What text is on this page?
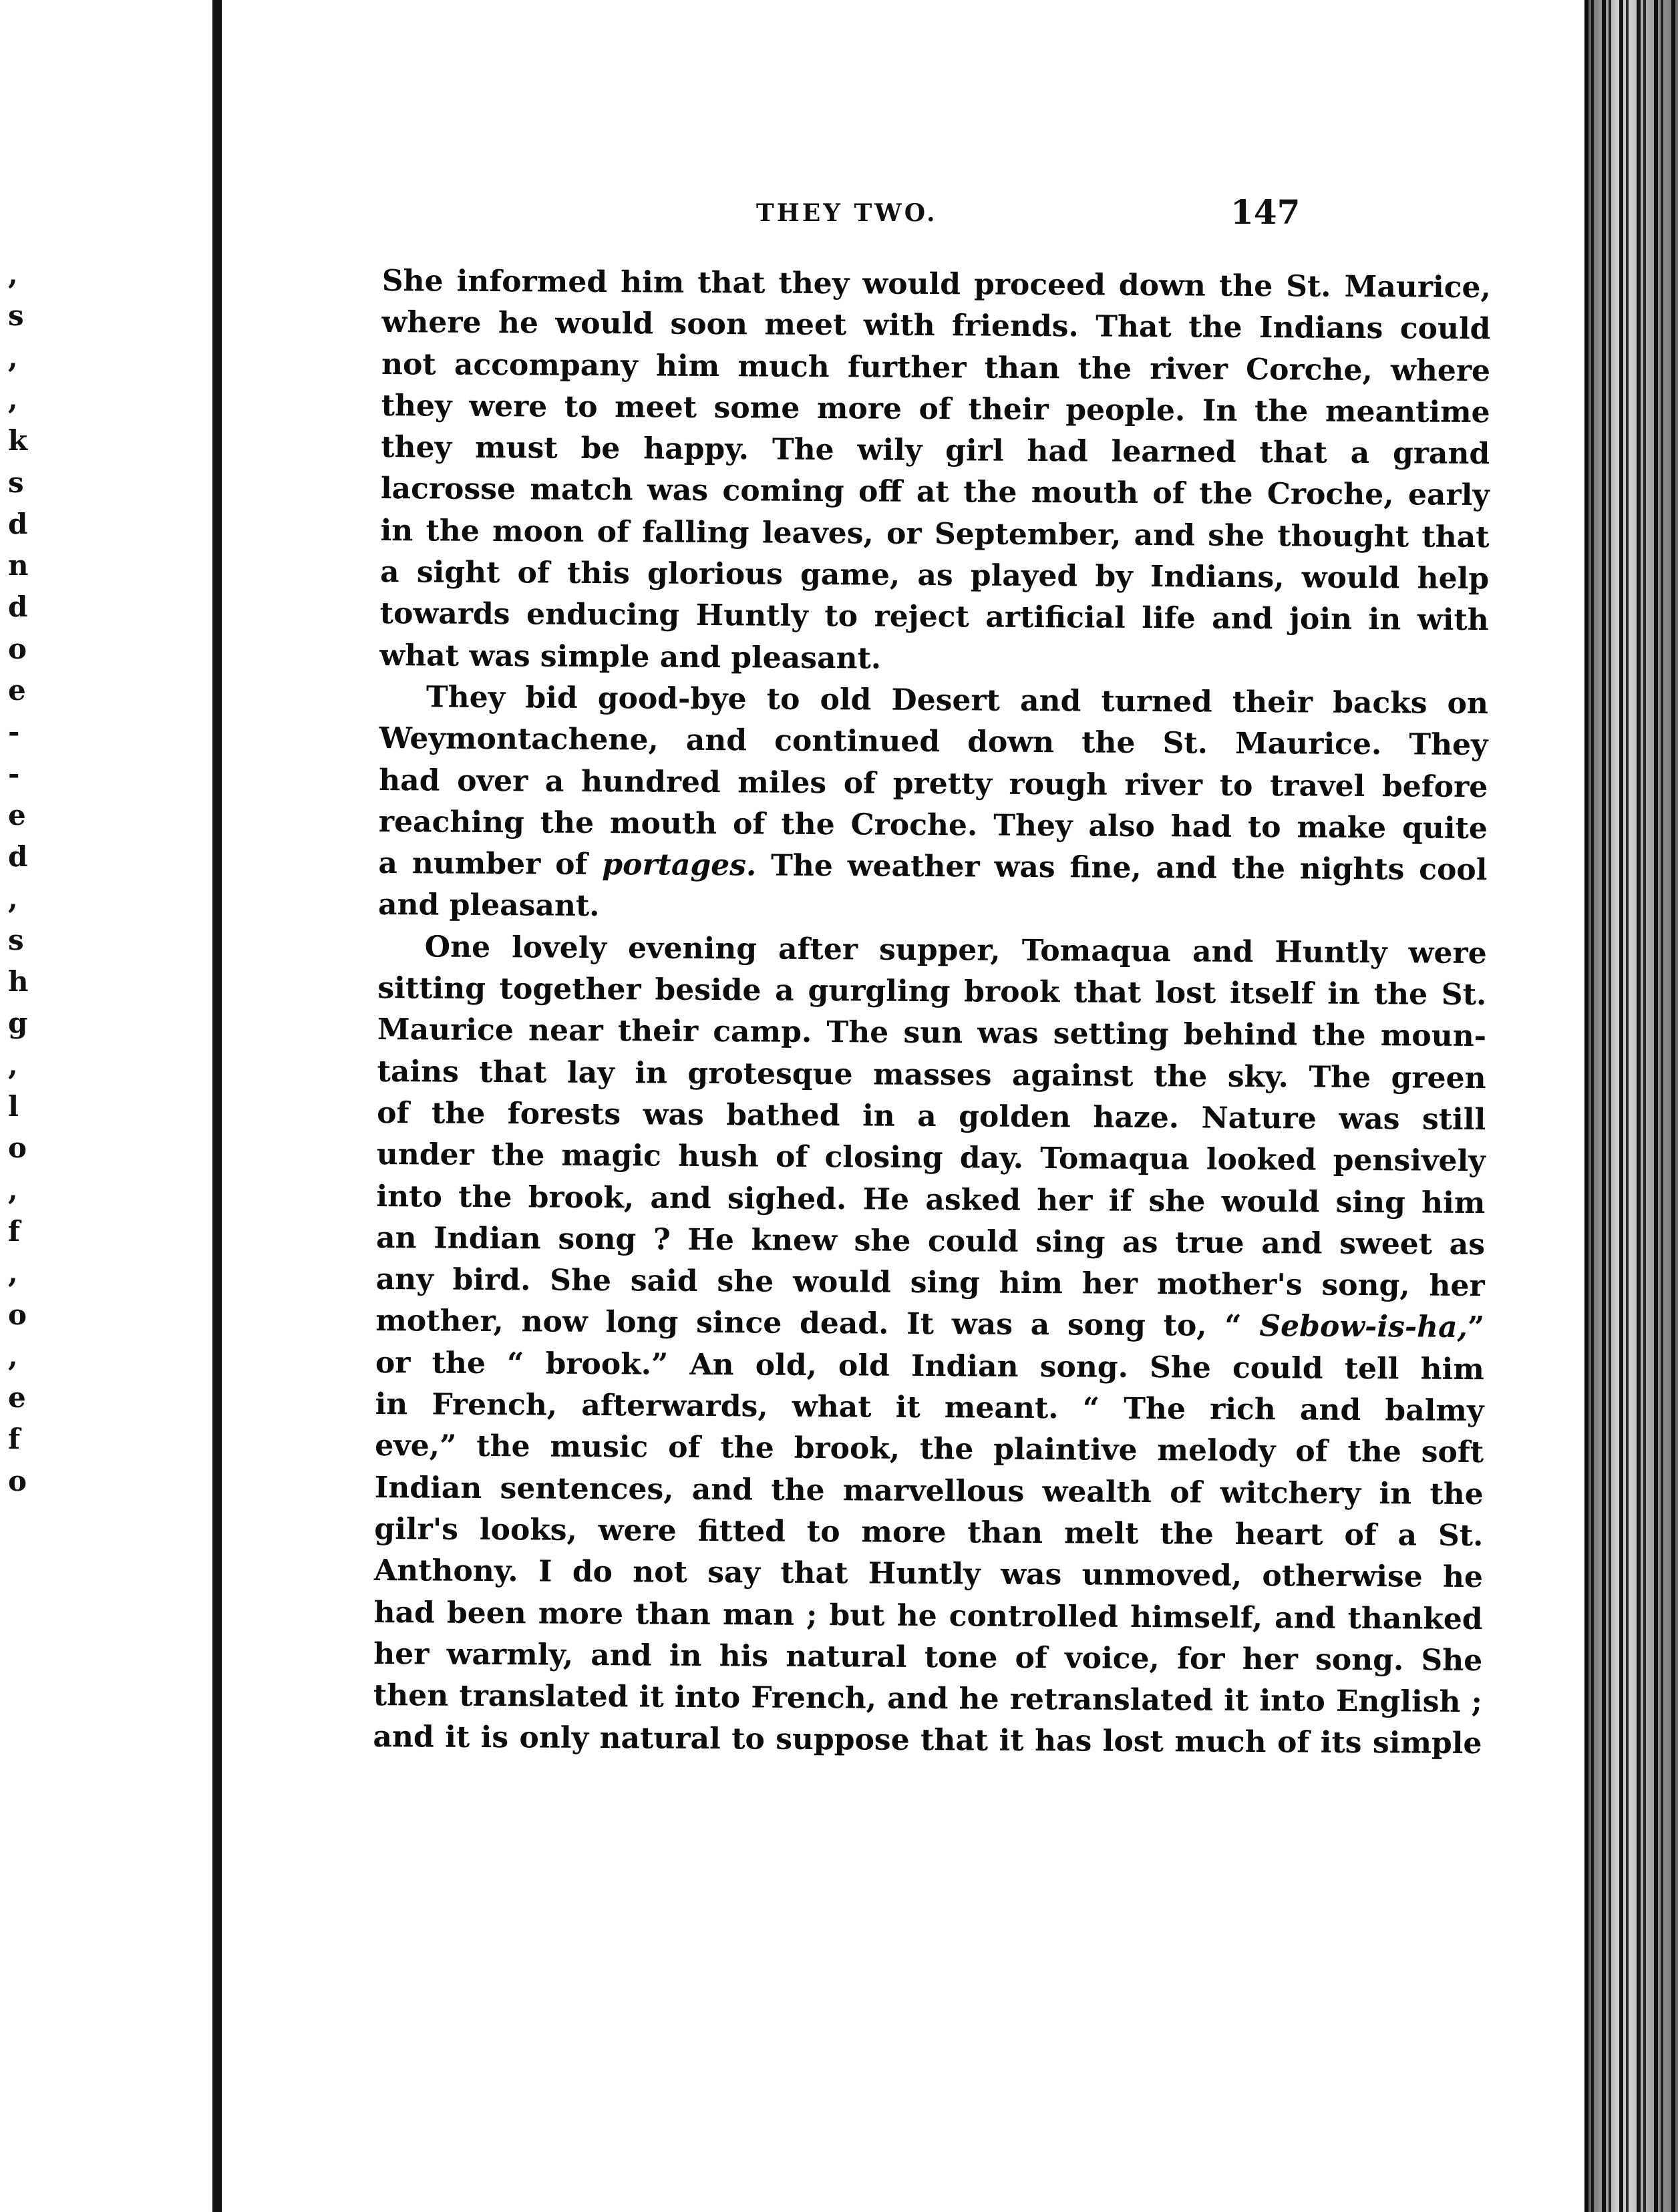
,
s
,
,
k
s
d
n
d
o
e
-
-
e
d
,
s
h
g
,
l
o
,
f
,
o
,
e
f
o
THEY TWO.	147
She informed him that they would proceed down the St. Maurice,
where he would soon meet with friends. That the Indians could
not accompany him much further than the river Corche, where
they were to meet some more of their people. In the meantime
they must be happy. The wily girl had learned that a grand
lacrosse match was coming off at the mouth of the Croche, early
in the moon of falling leaves, or September, and she thought that
a sight of this glorious game, as played by Indians, would help
towards enducing Huntly to reject artificial life and join in with
what was simple and pleasant.
They bid good-bye to old Desert and turned their backs on
Weymontachene, and continued down the St. Maurice. They
had over a hundred miles of pretty rough river to travel before
reaching the mouth of the Croche. They also had to make quite
a number of portages. The weather was fine, and the nights cool
and pleasant.
One lovely evening after supper, Tomaqua and Huntly were
sitting together beside a gurgling brook that lost itself in the St.
Maurice near their camp. The sun was setting behind the moun-
tains that lay in grotesque masses against the sky. The green
of the forests was bathed in a golden haze. Nature was still
under the magic hush of closing day. Tomaqua looked pensively
into the brook, and sighed. He asked her if she would sing him
an Indian song ? He knew she could sing as true and sweet as
any bird. She said she would sing him her mother's song, her
mother, now long since dead. It was a song to, “ Sebow-is-ha,”
or the “ brook.” An old, old Indian song. She could tell him
in French, afterwards, what it meant. “ The rich and balmy
eve,” the music of the brook, the plaintive melody of the soft
Indian sentences, and the marvellous wealth of witchery in the
gilr's looks, were fitted to more than melt the heart of a St.
Anthony. I do not say that Huntly was unmoved, otherwise he
had been more than man ; but he controlled himself, and thanked
her warmly, and in his natural tone of voice, for her song. She
then translated it into French, and he retranslated it into English ;
and it is only natural to suppose that it has lost much of its simple
